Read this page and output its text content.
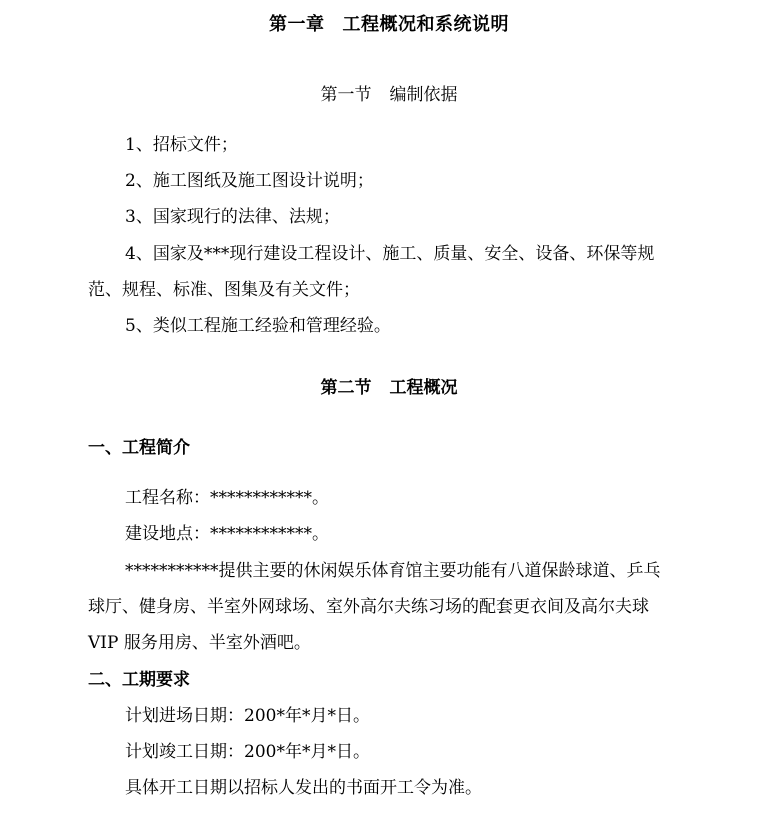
第一章 工程概况和系统说明
第一节 编制依据
1、招标文件；
2、施工图纸及施工图设计说明；
3、国家现行的法律、法规；
4、国家及***现行建设工程设计、施工、质量、安全、设备、环保等规
范、规程、标准、图集及有关文件；
5、类似工程施工经验和管理经验。
第二节 工程概况
一、工程简介
工程名称：************。
建设地点：************。
***********提供主要的休闲娱乐体育馆主要功能有八道保龄球道、乒乓
球厅、健身房、半室外网球场、室外高尔夫练习场的配套更衣间及高尔夫球
VIP 服务用房、半室外酒吧。
二、工期要求
计划进场日期：200*年*月*日。
计划竣工日期：200*年*月*日。
具体开工日期以招标人发出的书面开工令为准。
